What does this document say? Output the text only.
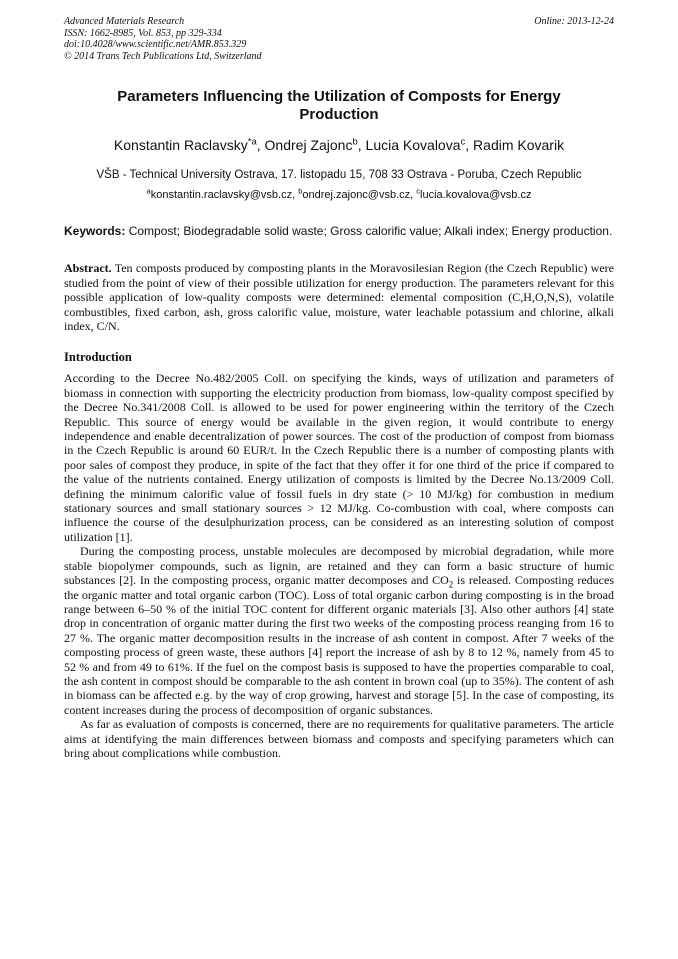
Advanced Materials Research
ISSN: 1662-8985, Vol. 853, pp 329-334
doi:10.4028/www.scientific.net/AMR.853.329
© 2014 Trans Tech Publications Ltd, Switzerland
Online: 2013-12-24
Parameters Influencing the Utilization of Composts for Energy Production
Konstantin Raclavsky$^{*a}$, Ondrej Zajonc$^b$, Lucia Kovalova$^c$, Radim Kovarik
VŠB - Technical University Ostrava, 17. listopadu 15, 708 33 Ostrava - Poruba, Czech Republic
$^a$konstantin.raclavsky@vsb.cz, $^b$ondrej.zajonc@vsb.cz, $^c$lucia.kovalova@vsb.cz
Keywords: Compost; Biodegradable solid waste; Gross calorific value; Alkali index; Energy production.
Abstract. Ten composts produced by composting plants in the Moravosilesian Region (the Czech Republic) were studied from the point of view of their possible utilization for energy production. The parameters relevant for this possible application of low-quality composts were determined: elemental composition (C,H,O,N,S), volatile combustibles, fixed carbon, ash, gross calorific value, moisture, water leachable potassium and chlorine, alkali index, C/N.
Introduction

According to the Decree No.482/2005 Coll. on specifying the kinds, ways of utilization and parameters of biomass in connection with supporting the electricity production from biomass, low-quality compost specified by the Decree No.341/2008 Coll. is allowed to be used for power engineering within the territory of the Czech Republic. This source of energy would be available in the given region, it would contribute to energy independence and enable decentralization of power sources. The cost of the production of compost from biomass in the Czech Republic is around 60 EUR/t. In the Czech Republic there is a number of composting plants with poor sales of compost they produce, in spite of the fact that they offer it for one third of the price if compared to the value of the nutrients contained. Energy utilization of composts is limited by the Decree No.13/2009 Coll. defining the minimum calorific value of fossil fuels in dry state (> 10 MJ/kg) for combustion in medium stationary sources and small stationary sources > 12 MJ/kg. Co-combustion with coal, where composts can influence the course of the desulphurization process, can be considered as an interesting solution of compost utilization [1].

During the composting process, unstable molecules are decomposed by microbial degradation, while more stable biopolymer compounds, such as lignin, are retained and they can form a basic structure of humic substances [2]. In the composting process, organic matter decomposes and $CO_2$ is released. Composting reduces the organic matter and total organic carbon (TOC). Loss of total organic carbon during composting is in the broad range between 6–50 % of the initial TOC content for different organic materials [3]. Also other authors [4] state drop in concentration of organic matter during the first two weeks of the composting process reanging from 16 to 27 %. The organic matter decomposition results in the increase of ash content in compost. After 7 weeks of the composting process of green waste, these authors [4] report the increase of ash by 8 to 12 %, namely from 45 to 52 % and from 49 to 61%. If the fuel on the compost basis is supposed to have the properties comparable to coal, the ash content in compost should be comparable to the ash content in brown coal (up to 35%). The content of ash in biomass can be affected e.g. by the way of crop growing, harvest and storage [5]. In the case of composting, its content increases during the process of decomposition of organic substances.

As far as evaluation of composts is concerned, there are no requirements for qualitative parameters. The article aims at identifying the main differences between biomass and composts and specifying parameters which can bring about complications while combustion.
